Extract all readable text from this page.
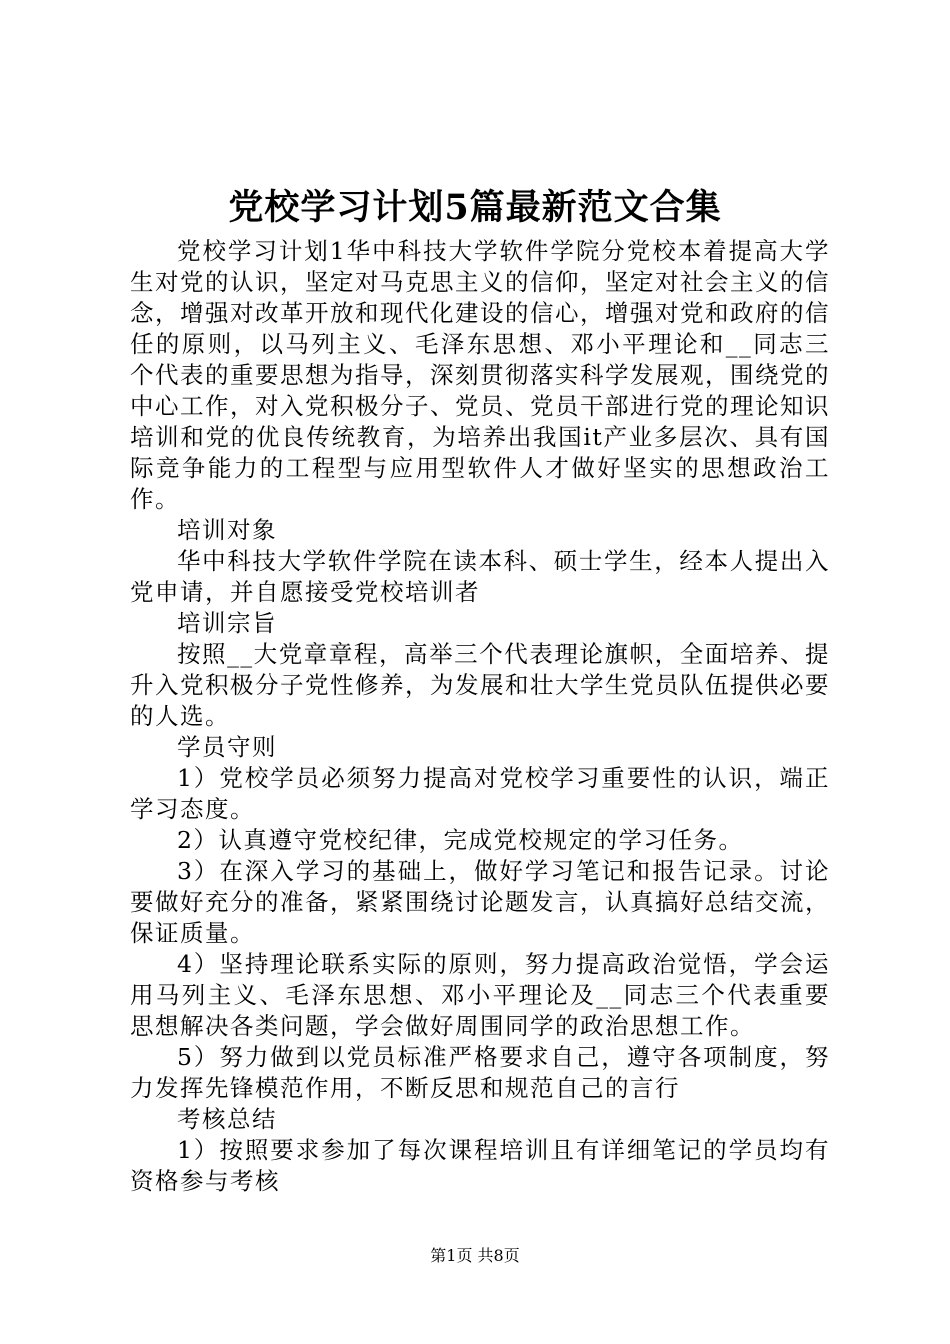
党校学习计划5篇最新范文合集

党校学习计划1华中科技大学软件学院分党校本着提高大学生对党的认识，坚定对马克思主义的信仰，坚定对社会主义的信念，增强对改革开放和现代化建设的信心，增强对党和政府的信任的原则，以马列主义、毛泽东思想、邓小平理论和__同志三个代表的重要思想为指导，深刻贯彻落实科学发展观，围绕党的中心工作，对入党积极分子、党员、党员干部进行党的理论知识培训和党的优良传统教育，为培养出我国it产业多层次、具有国际竞争能力的工程型与应用型软件人才做好坚实的思想政治工作。

培训对象

华中科技大学软件学院在读本科、硕士学生，经本人提出入党申请，并自愿接受党校培训者

培训宗旨

按照__大党章章程，高举三个代表理论旗帜，全面培养、提升入党积极分子党性修养，为发展和壮大学生党员队伍提供必要的人选。

学员守则

1）党校学员必须努力提高对党校学习重要性的认识，端正学习态度。

2）认真遵守党校纪律，完成党校规定的学习任务。

3）在深入学习的基础上，做好学习笔记和报告记录。讨论要做好充分的准备，紧紧围绕讨论题发言，认真搞好总结交流，保证质量。

4）坚持理论联系实际的原则，努力提高政治觉悟，学会运用马列主义、毛泽东思想、邓小平理论及__同志三个代表重要思想解决各类问题，学会做好周围同学的政治思想工作。

5）努力做到以党员标准严格要求自己，遵守各项制度，努力发挥先锋模范作用，不断反思和规范自己的言行

考核总结

1）按照要求参加了每次课程培训且有详细笔记的学员均有资格参与考核

第1页 共8页
